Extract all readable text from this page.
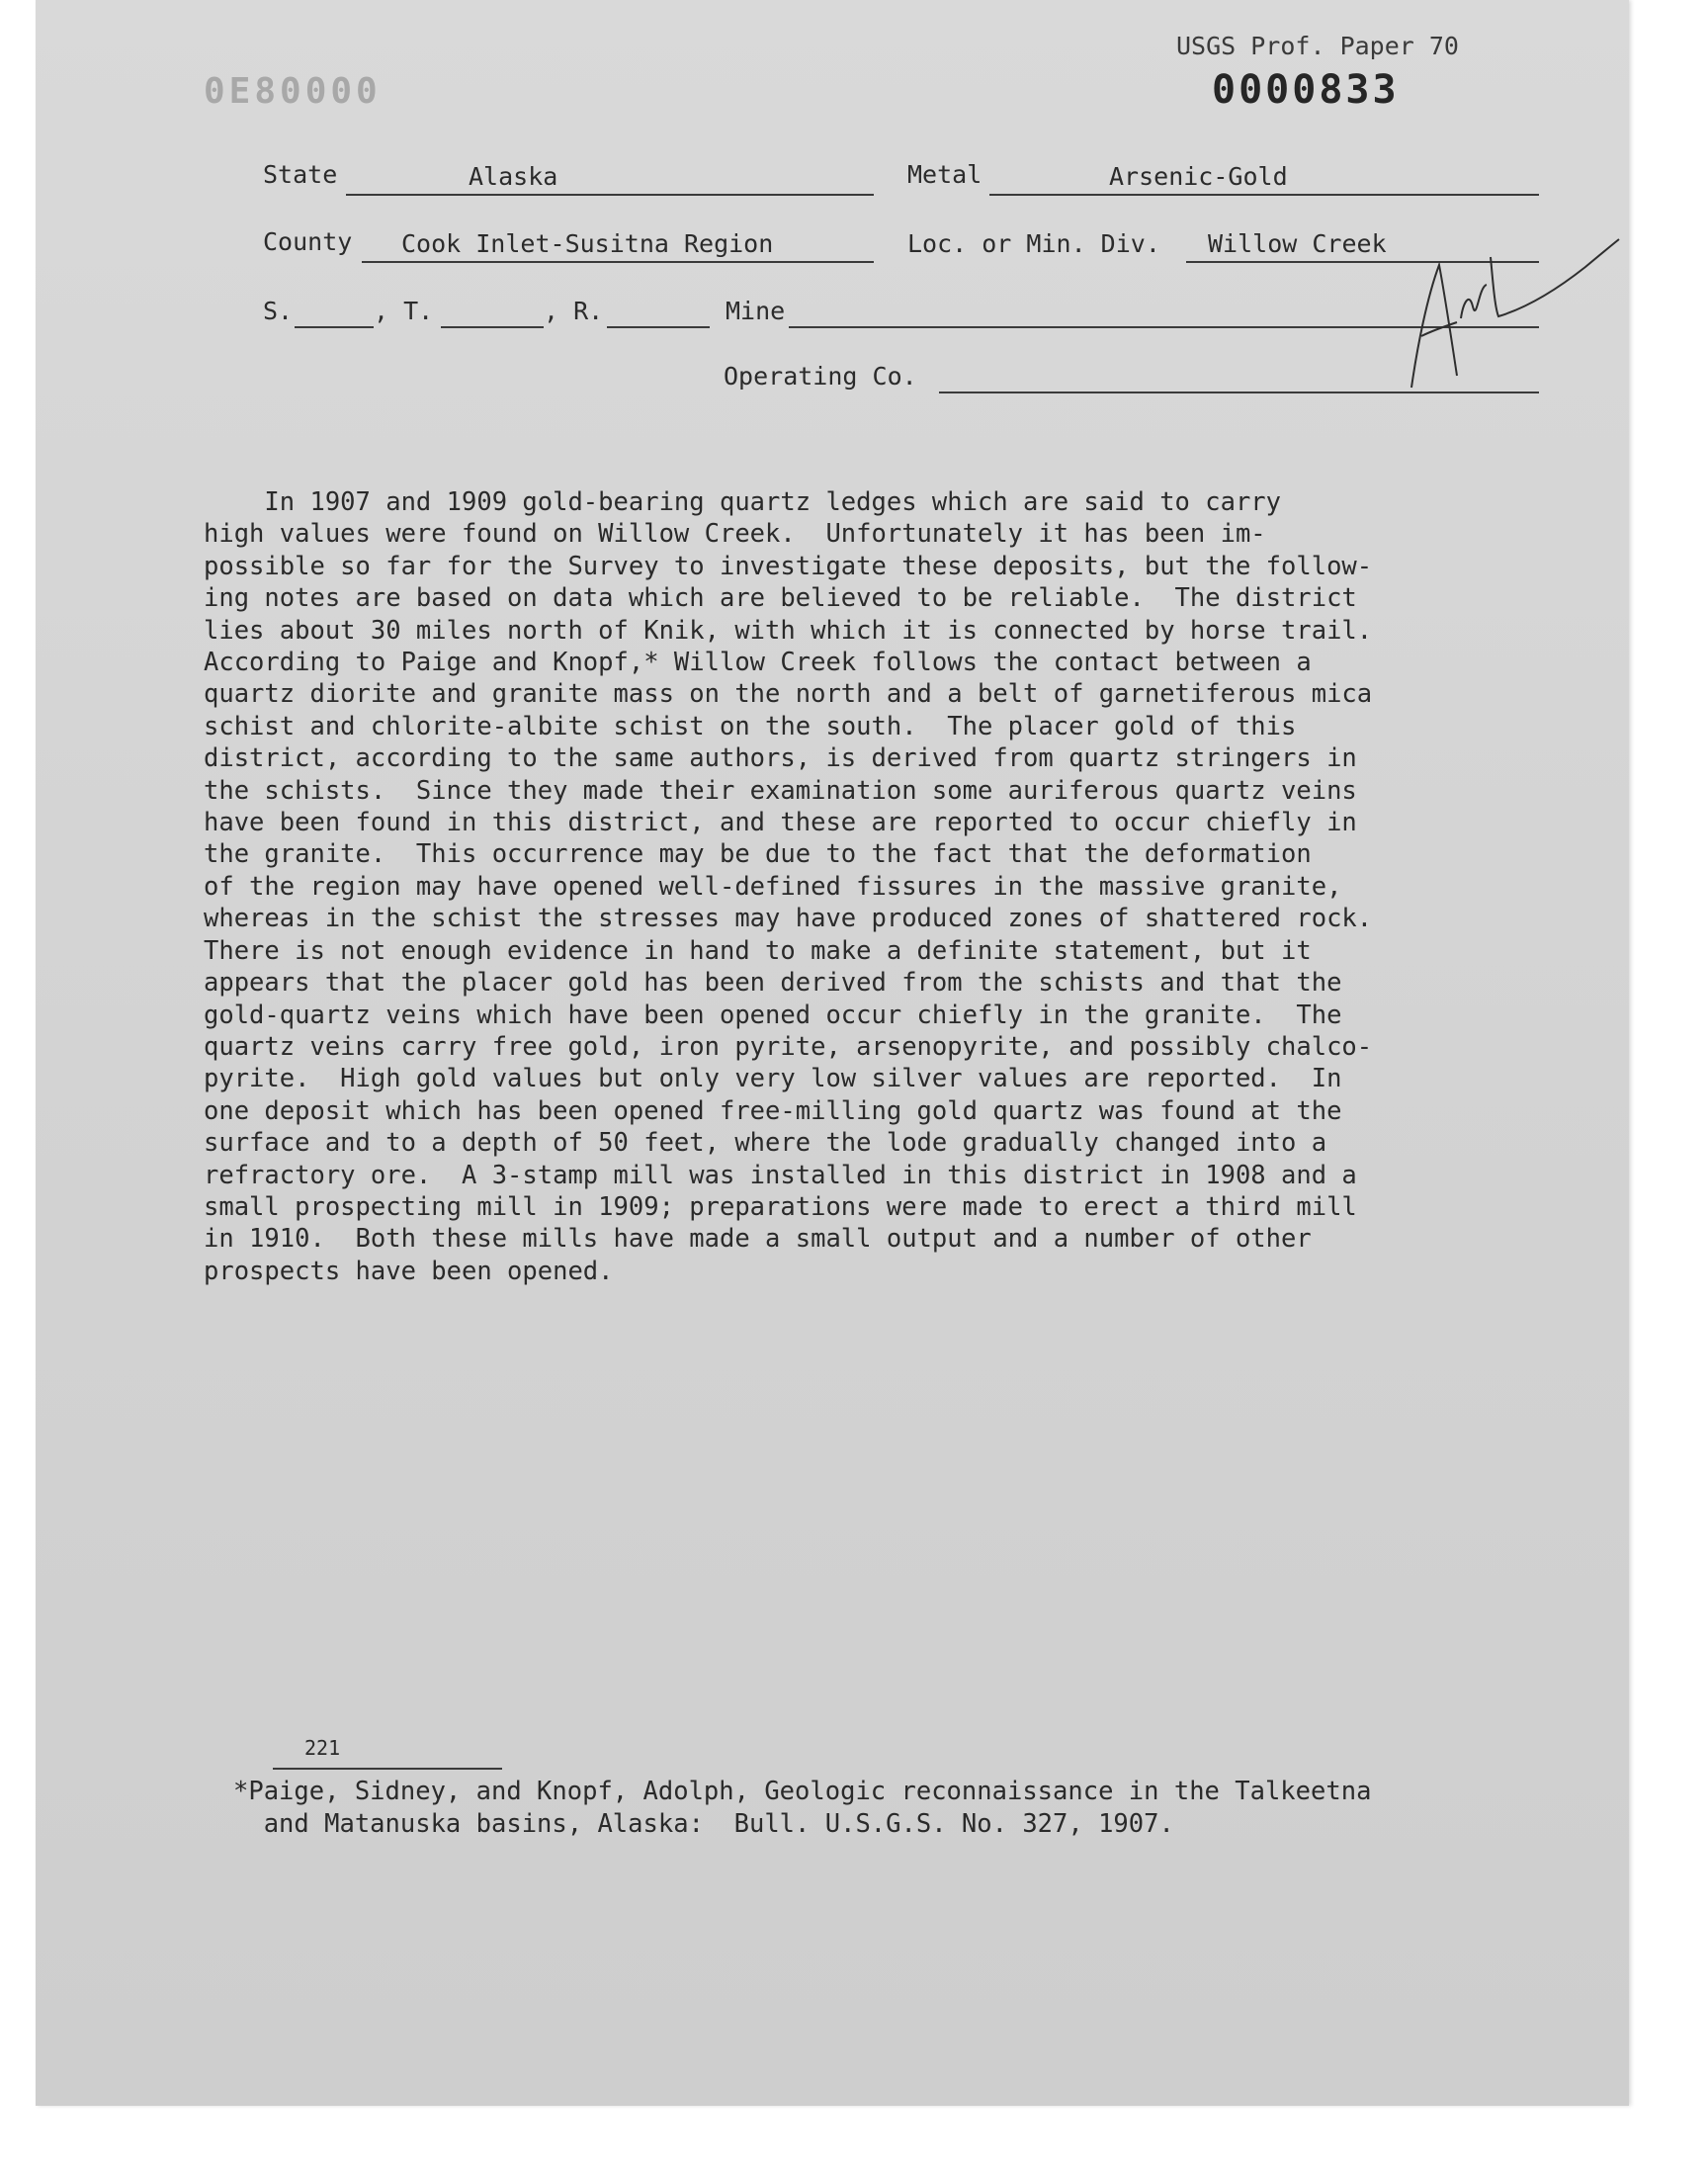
0E80000
USGS Prof. Paper 70
0000833
State	Alaska	Metal	Arsenic-Gold
County Cook Inlet-Susitna Region	Loc. or Min. Div. Willow Creek
S.	, T.	, R.	Mine
Operating Co.
In 1907 and 1909 gold-bearing quartz ledges which are said to carry
high values were found on Willow Creek.  Unfortunately it has been im-
possible so far for the Survey to investigate these deposits, but the follow-
ing notes are based on data which are believed to be reliable.  The district
lies about 30 miles north of Knik, with which it is connected by horse trail.
According to Paige and Knopf,* Willow Creek follows the contact between a
quartz diorite and granite mass on the north and a belt of garnetiferous mica
schist and chlorite-albite schist on the south.  The placer gold of this
district, according to the same authors, is derived from quartz stringers in
the schists.  Since they made their examination some auriferous quartz veins
have been found in this district, and these are reported to occur chiefly in
the granite.  This occurrence may be due to the fact that the deformation
of the region may have opened well-defined fissures in the massive granite,
whereas in the schist the stresses may have produced zones of shattered rock.
There is not enough evidence in hand to make a definite statement, but it
appears that the placer gold has been derived from the schists and that the
gold-quartz veins which have been opened occur chiefly in the granite.  The
quartz veins carry free gold, iron pyrite, arsenopyrite, and possibly chalco-
pyrite.  High gold values but only very low silver values are reported.  In
one deposit which has been opened free-milling gold quartz was found at the
surface and to a depth of 50 feet, where the lode gradually changed into a
refractory ore.  A 3-stamp mill was installed in this district in 1908 and a
small prospecting mill in 1909; preparations were made to erect a third mill
in 1910.  Both these mills have made a small output and a number of other
prospects have been opened.
221
*Paige, Sidney, and Knopf, Adolph, Geologic reconnaissance in the Talkeetna
and Matanuska basins, Alaska:  Bull. U.S.G.S. No. 327, 1907.
